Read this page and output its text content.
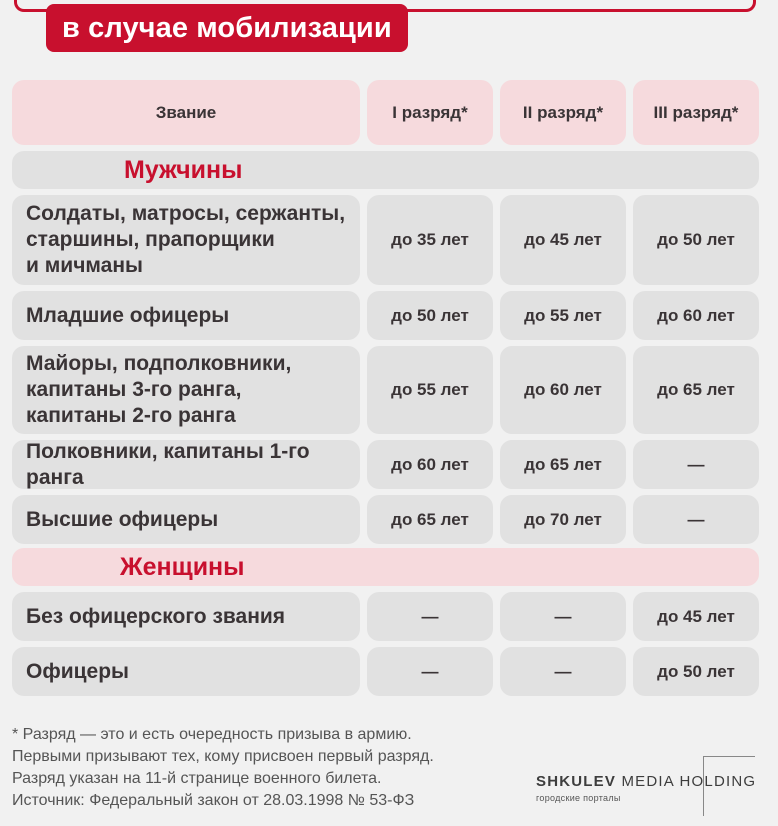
в случае мобилизации
Звание	I разряд*	II разряд*	III разряд*
Мужчины
Солдаты, матросы, сержанты,
старшины, прапорщики
и мичманы
до 35 лет	до 45 лет	до 50 лет
Младшие офицеры	до 50 лет	до 55 лет	до 60 лет
Майоры, подполковники,
капитаны 3-го ранга,
капитаны 2-го ранга
до 55 лет	до 60 лет	до 65 лет
Полковники, капитаны 1-го ранга
до 60 лет	до 65 лет	—
Высшие офицеры	до 65 лет	до 70 лет	—
Женщины
Без офицерского звания	—	—	до 45 лет
Офицеры	—	—	до 50 лет
* Разряд — это и есть очередность призыва в армию.
Первыми призывают тех, кому присвоен первый разряд.
Разряд указан на 11-й странице военного билета.
Источник: Федеральный закон от 28.03.1998 № 53-ФЗ
SHKULEV MEDIA HOLDING
городские порталы
